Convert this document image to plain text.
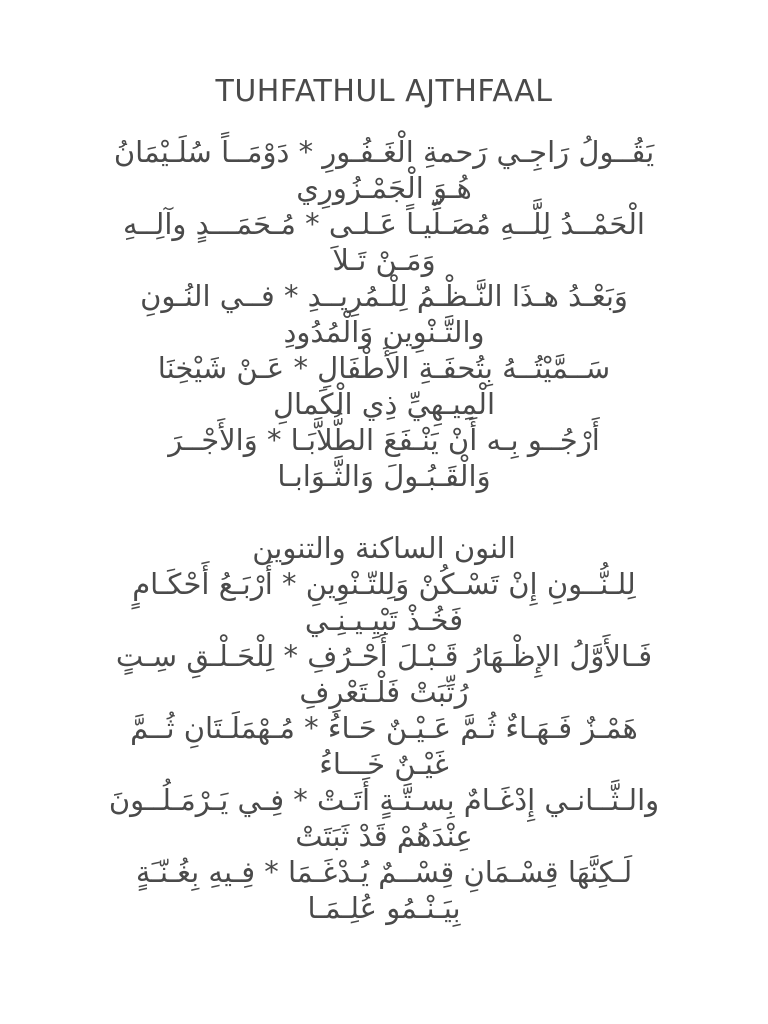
TUHFATHUL AJTHFAAL

يَقُــولُ رَاجِـي رَحمةِ الْغَـفُـورِ * دَوْمَــاً سُلَـيْمَانُ
هُـوَ الْجَمْـزُورِي

الْحَمْــدُ لِلَّــهِ مُصَـلِّيـاً عَـلـى * مُـحَمَـــدٍ وآلِــهِ
وَمَـنْ تَـلاَ

وَبَعْـدُ هـذَا النَّـظْـمُ لِلْـمُرِيــدِ * فــي النُـونِ
والتَّـنْوِينِ وَالْمُدُودِ

سَــمَّيْتُــهُ بِتُحفَـةِ الأَطْفَالِ * عَـنْ شَيْخِنَا
الْمِيـهِيِّ ذِي الْكَمالِ

أَرْجُــو بِـه أَنْ يَنْـفَعَ الطُّلاَّبَـا * وَالأَجْــرَ
وَالْقَـبُـولَ وَالثَّـوَابـا

النون الساكنة والتنوين

لِلـنُّــونِ إِنْ تَسْـكُنْ وَلِلتّـنْوِينِ * أَرْبَـعُ أَحْكَـامٍ
فَخُـذْ تَبْيِـيـنِـي

فَـالأَوَّلُ الإِظْـهَارُ قَـبْـلَ أَحْـرُفِ * لِلْحَـلْـقِ سِـتٍ
رُتِّبَتْ فَلْـتَعْرِفِ

هَمْـزٌ فَـهَـاءٌ ثُـمَّ عَـيْـنٌ حَـاءُ * مُـهْمَلَـتَانِ ثُــمَّ
غَيْـنٌ خَـــاءُ

والـثَّــانـي إِدْغَـامٌ بِسـتَّـةٍ أَتَـتْ * فِـي يَـرْمَـلُــونَ
عِنْدَهُمْ قَدْ ثَبَتَتْ

لَـكِنَّهَا قِسْـمَانِ قِسْــمٌ يُـدْغَـمَا * فِـيهِ بِغُـنّـَةٍ
بِيَـنْـمُو عُلِـمَـا
